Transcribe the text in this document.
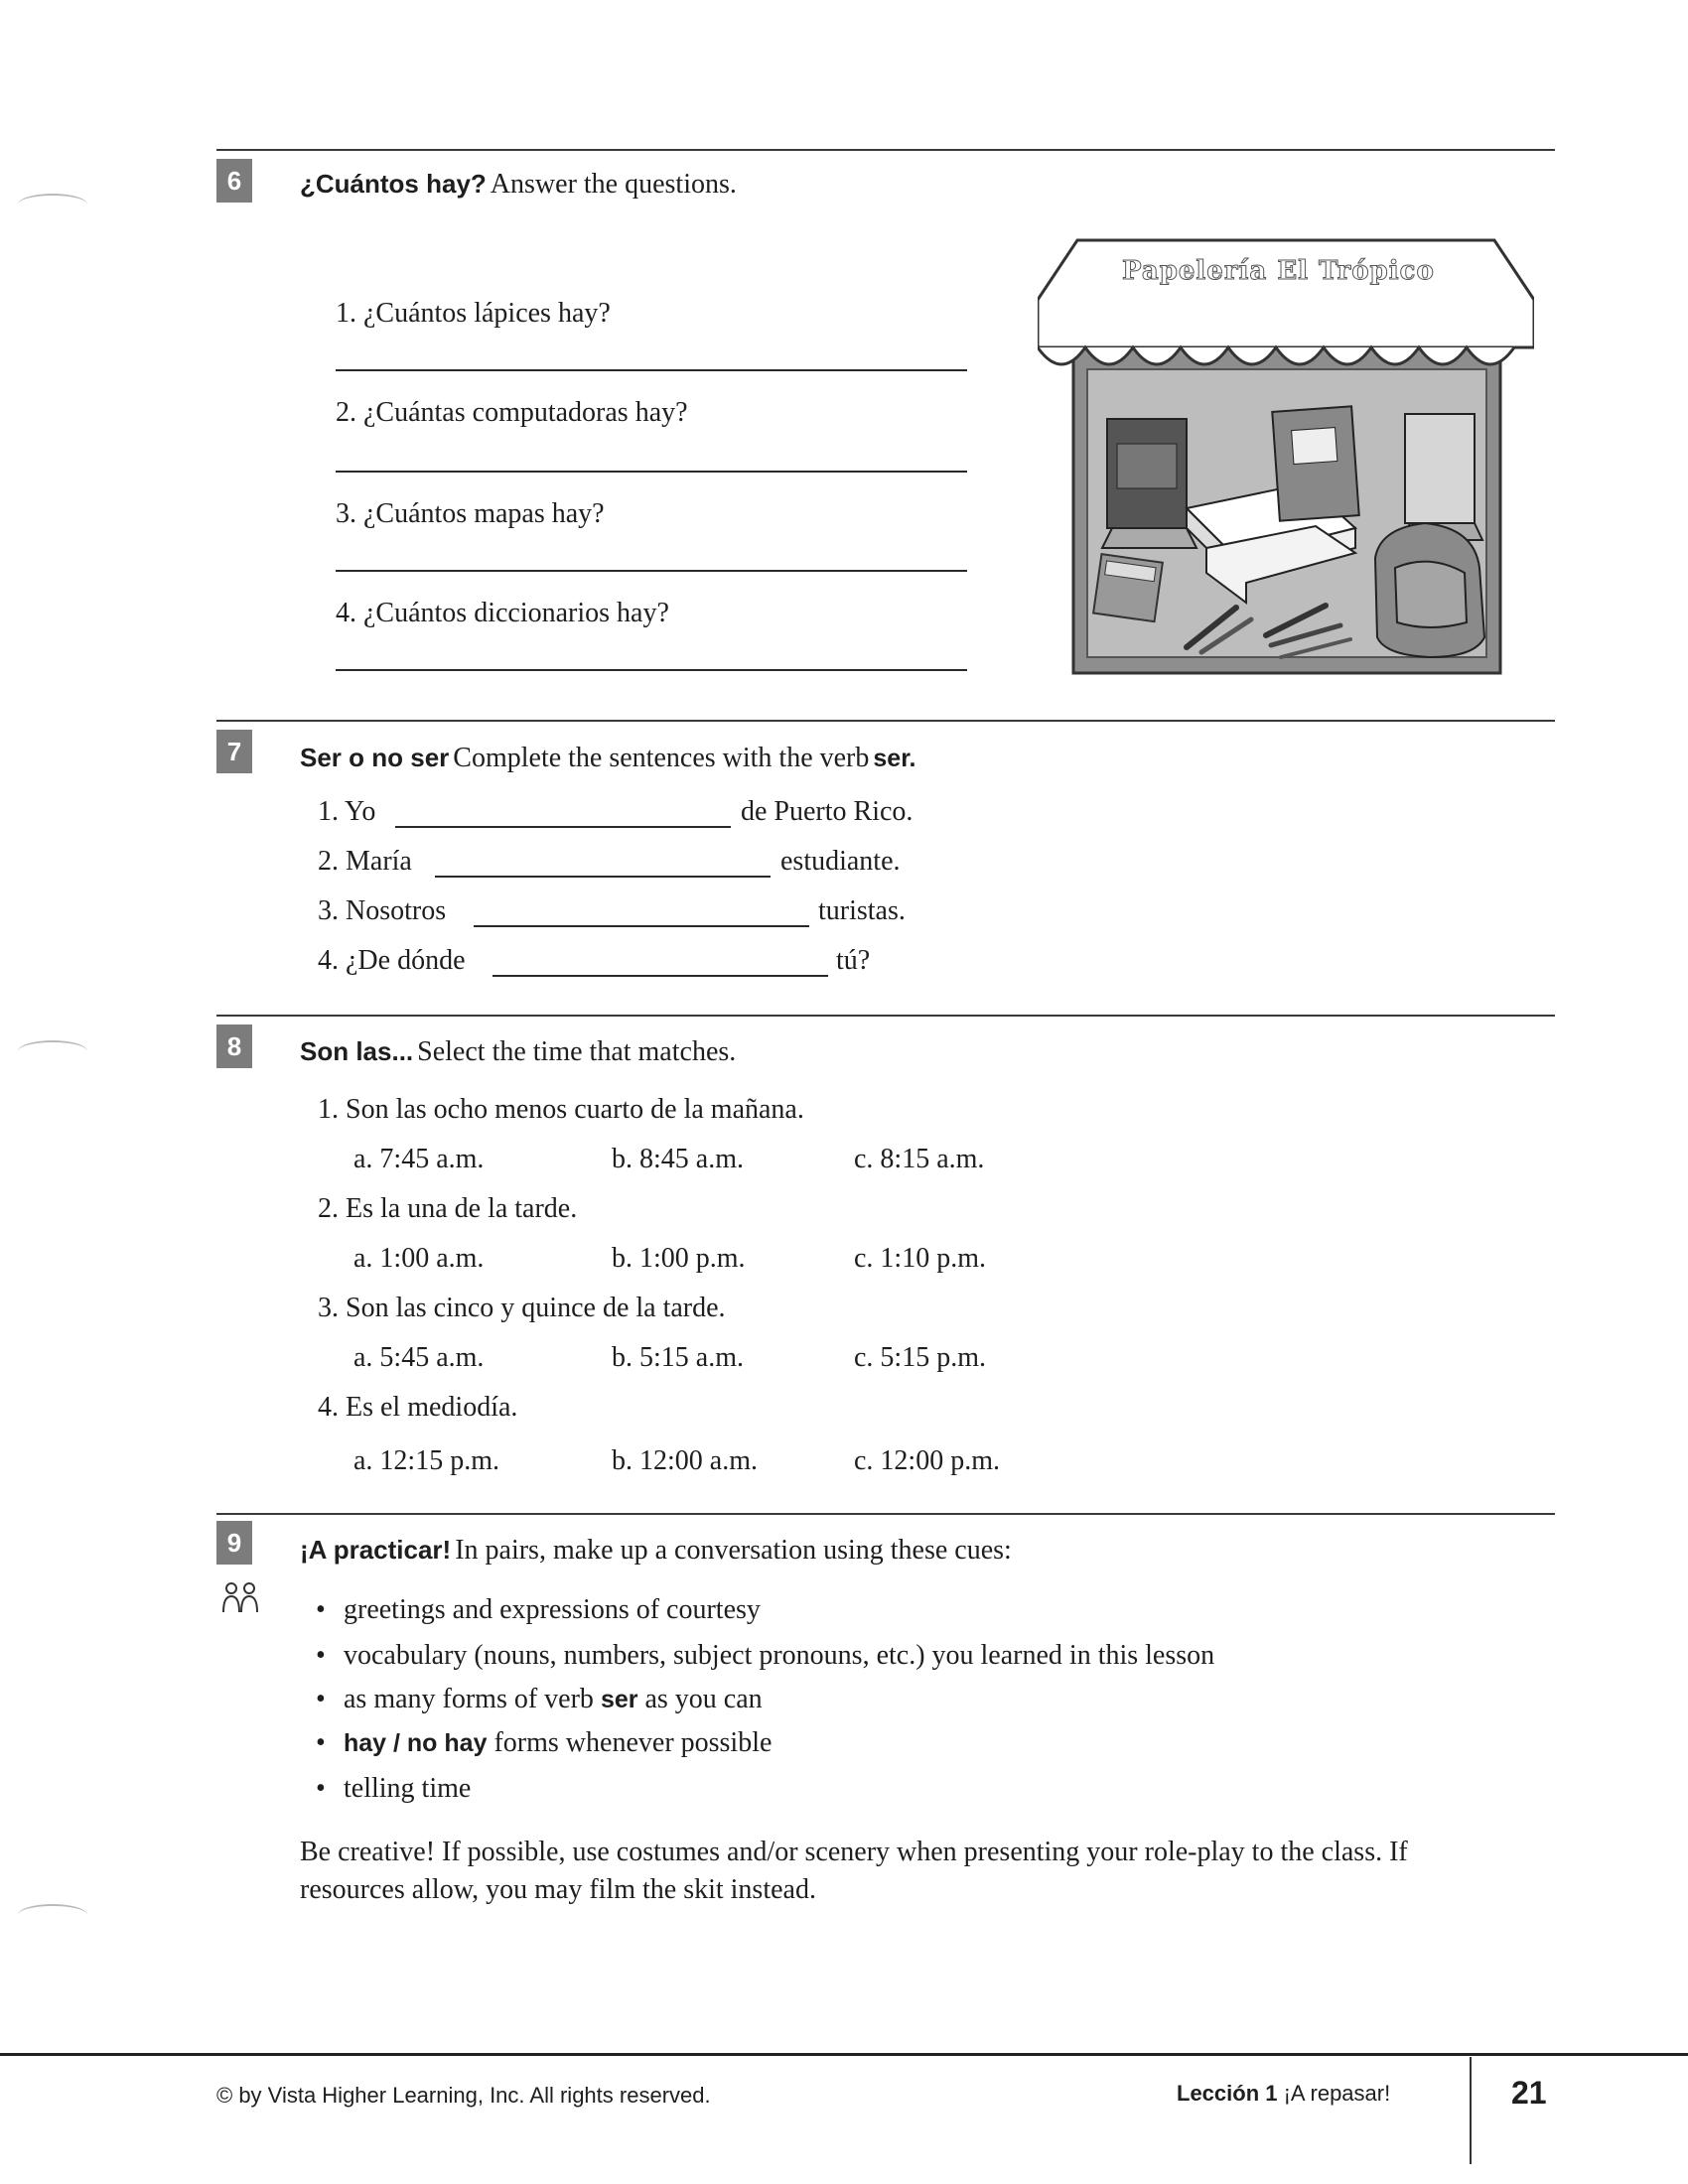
6	¿Cuántos hay? Answer the questions.
1. ¿Cuántos lápices hay?
2. ¿Cuántas computadoras hay?
3. ¿Cuántos mapas hay?
4. ¿Cuántos diccionarios hay?
Papelería El Trópico
7	Ser o no ser Complete the sentences with the verb ser.
1. Yo	de Puerto Rico.
2. María	estudiante.
3. Nosotros	turistas.
4. ¿De dónde	tú?
8	Son las... Select the time that matches.
1. Son las ocho menos cuarto de la mañana.
a. 7:45 a.m.	b. 8:45 a.m.	c. 8:15 a.m.
2. Es la una de la tarde.
a. 1:00 a.m.	b. 1:00 p.m.	c. 1:10 p.m.
3. Son las cinco y quince de la tarde.
a. 5:45 a.m.	b. 5:15 a.m.	c. 5:15 p.m.
4. Es el mediodía.
a. 12:15 p.m.	b. 12:00 a.m.	c. 12:00 p.m.
9	¡A practicar! In pairs, make up a conversation using these cues:
• greetings and expressions of courtesy
• vocabulary (nouns, numbers, subject pronouns, etc.) you learned in this lesson
• as many forms of verb ser as you can
• hay / no hay forms whenever possible
• telling time
Be creative! If possible, use costumes and/or scenery when presenting your role-play to the class. If
resources allow, you may film the skit instead.
© by Vista Higher Learning, Inc. All rights reserved.	Lección 1 ¡A repasar!	21
